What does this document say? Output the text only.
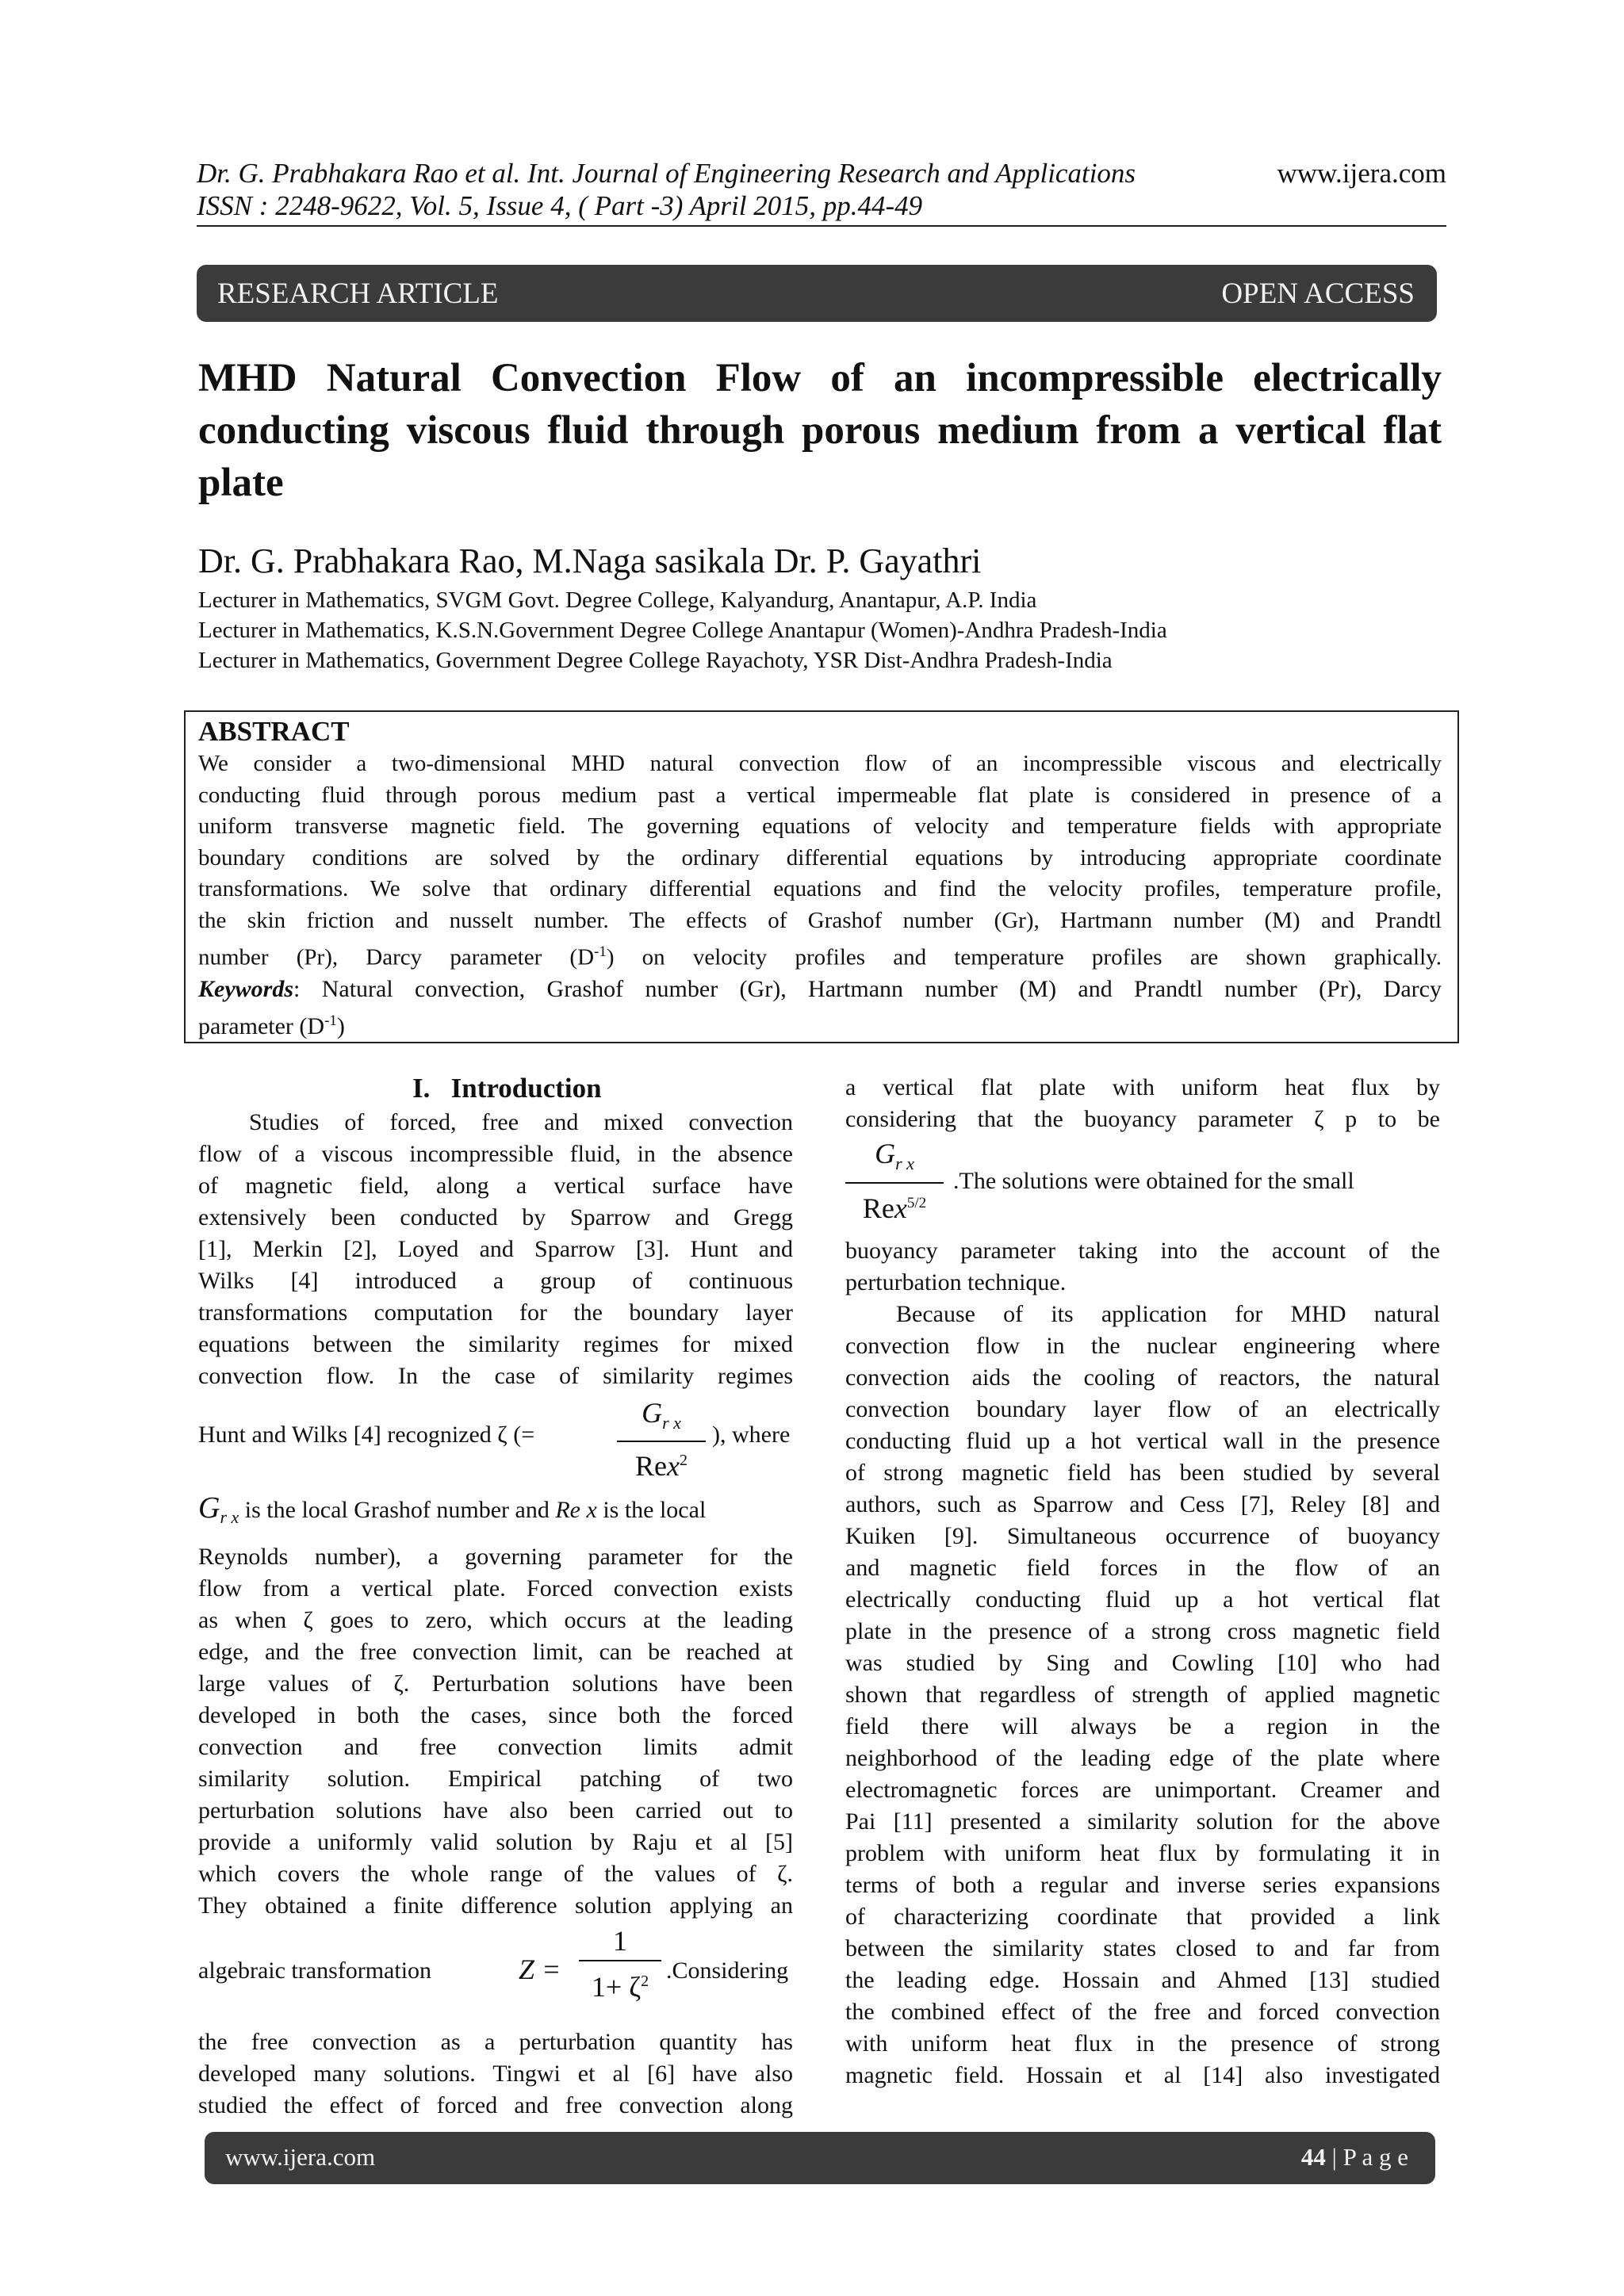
Dr. G. Prabhakara Rao et al. Int. Journal of Engineering Research and Applications	www.ijera.com
ISSN : 2248-9622, Vol. 5, Issue 4, ( Part -3) April 2015, pp.44-49
RESEARCH ARTICLE	OPEN ACCESS
MHD Natural Convection Flow of an incompressible electrically conducting viscous fluid through porous medium from a vertical flat plate
Dr. G. Prabhakara Rao, M.Naga sasikala Dr. P. Gayathri
Lecturer in Mathematics, SVGM Govt. Degree College, Kalyandurg, Anantapur, A.P. India
Lecturer in Mathematics, K.S.N.Government Degree College Anantapur (Women)-Andhra Pradesh-India
Lecturer in Mathematics, Government Degree College Rayachoty, YSR Dist-Andhra Pradesh-India
ABSTRACT
We consider a two-dimensional MHD natural convection flow of an incompressible viscous and electrically
conducting fluid through porous medium past a vertical impermeable flat plate is considered in presence of a
uniform transverse magnetic field. The governing equations of velocity and temperature fields with appropriate
boundary conditions are solved by the ordinary differential equations by introducing appropriate coordinate
transformations. We solve that ordinary differential equations and find the velocity profiles, temperature profile,
the skin friction and nusselt number. The effects of Grashof number (Gr), Hartmann number (M) and Prandtl
number (Pr), Darcy parameter $(D^{-1})$ on velocity profiles and temperature profiles are shown graphically.
Keywords: Natural convection, Grashof number (Gr), Hartmann number (M) and Prandtl number (Pr), Darcy
parameter $(D^{-1})$
I. Introduction
Studies of forced, free and mixed convection
flow of a viscous incompressible fluid, in the absence
of magnetic field, along a vertical surface have
extensively been conducted by Sparrow and Gregg
[1], Merkin [2], Loyed and Sparrow [3]. Hunt and
Wilks [4] introduced a group of continuous
transformations computation for the boundary layer
equations between the similarity regimes for mixed
convection flow. In the case of similarity regimes
Hunt and Wilks [4] recognized ζ (=
$G_{r x}$
Rex$^2$
), where
$G_{r x}$ is the local Grashof number and Re x is the local
Reynolds number), a governing parameter for the
flow from a vertical plate. Forced convection exists
as when ζ goes to zero, which occurs at the leading
edge, and the free convection limit, can be reached at
large values of ζ. Perturbation solutions have been
developed in both the cases, since both the forced
convection and free convection limits admit
similarity solution. Empirical patching of two
perturbation solutions have also been carried out to
provide a uniformly valid solution by Raju et al [5]
which covers the whole range of the values of ζ.
They obtained a finite difference solution applying an
algebraic transformation	$Z = \frac{1}{1+ \zeta^2}$ .Considering
the free convection as a perturbation quantity has
developed many solutions. Tingwi et al [6] have also
studied the effect of forced and free convection along
a vertical flat plate with uniform heat flux by
considering that the buoyancy parameter ζ p to be
$G_{r x}$
Rex$^{5/2}$
.The solutions were obtained for the small
buoyancy parameter taking into the account of the
perturbation technique.
Because of its application for MHD natural
convection flow in the nuclear engineering where
convection aids the cooling of reactors, the natural
convection boundary layer flow of an electrically
conducting fluid up a hot vertical wall in the presence
of strong magnetic field has been studied by several
authors, such as Sparrow and Cess [7], Reley [8] and
Kuiken [9]. Simultaneous occurrence of buoyancy
and magnetic field forces in the flow of an
electrically conducting fluid up a hot vertical flat
plate in the presence of a strong cross magnetic field
was studied by Sing and Cowling [10] who had
shown that regardless of strength of applied magnetic
field there will always be a region in the
neighborhood of the leading edge of the plate where
electromagnetic forces are unimportant. Creamer and
Pai [11] presented a similarity solution for the above
problem with uniform heat flux by formulating it in
terms of both a regular and inverse series expansions
of characterizing coordinate that provided a link
between the similarity states closed to and far from
the leading edge. Hossain and Ahmed [13] studied
the combined effect of the free and forced convection
with uniform heat flux in the presence of strong
magnetic field. Hossain et al [14] also investigated
www.ijera.com	44 | P a g e
